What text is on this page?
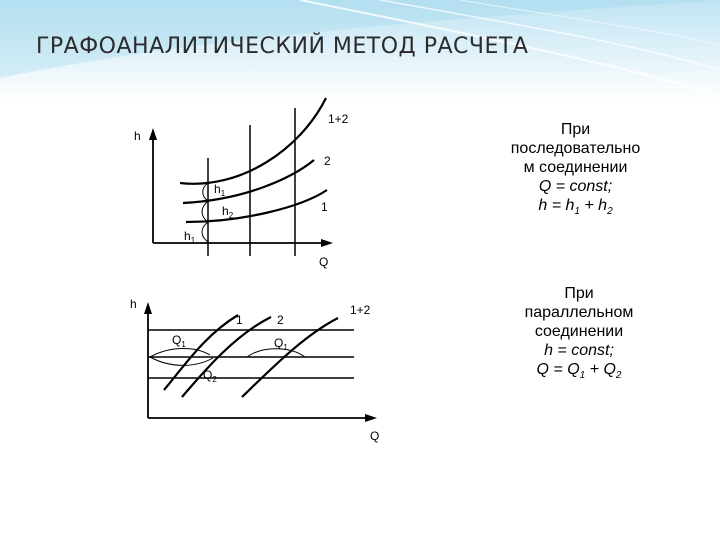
ГРАФОАНАЛИТИЧЕСКИЙ МЕТОД РАСЧЕТА
h
Q
1+2
2
1
$h_1$
$h_2$
$h_1$
h
Q
1	2
1+2
$Q_1$	$Q_1$
$Q_2$
При
последовательно
м соединении
Q = const;
$h = h_1 + h_2$
При
параллельном
соединении
h = const;
$Q = Q_1 + Q_2$
